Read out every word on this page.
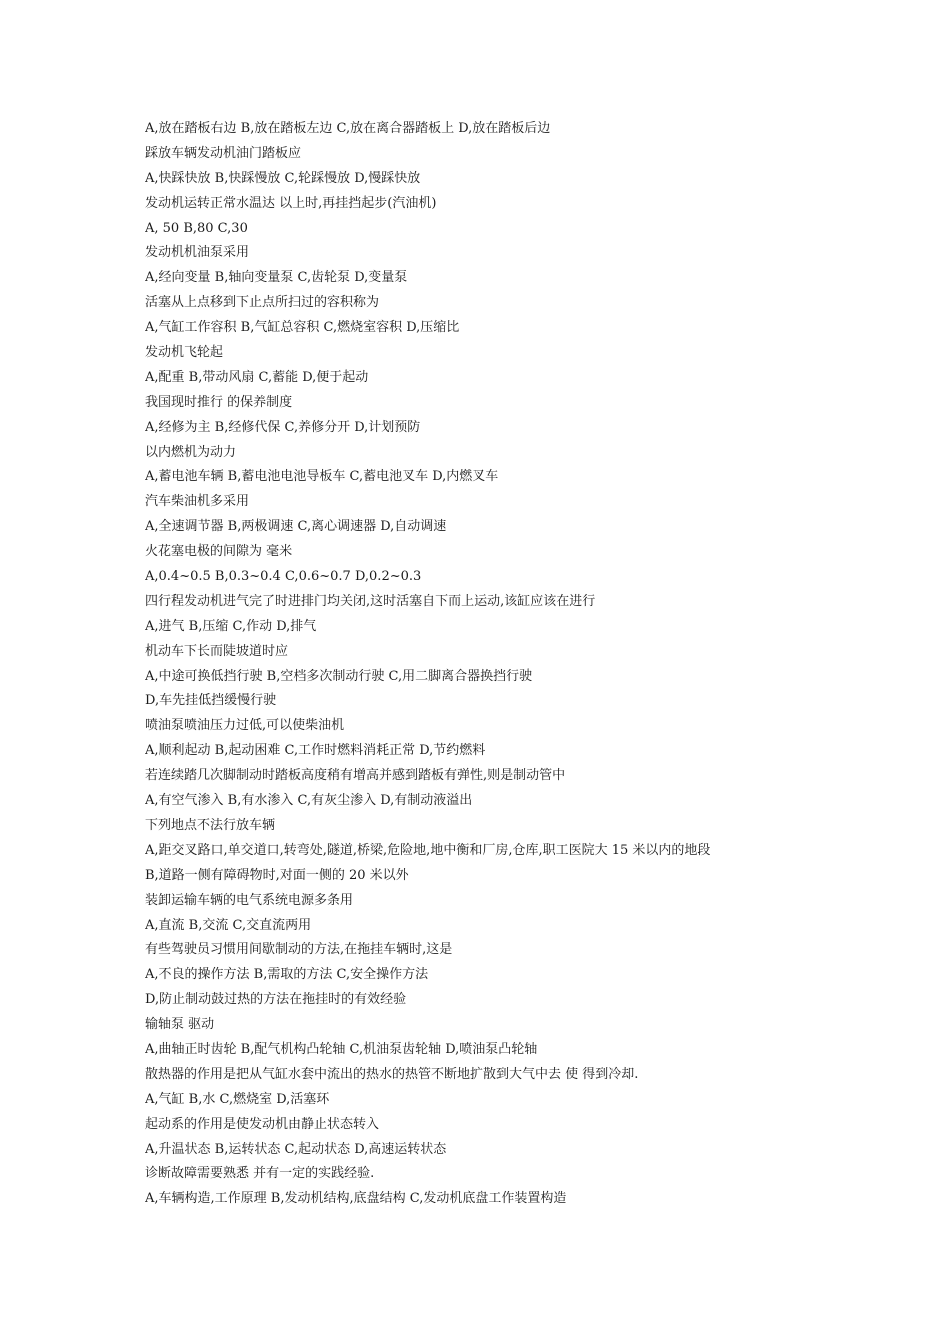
A,放在踏板右边 B,放在踏板左边 C,放在离合器踏板上 D,放在踏板后边
踩放车辆发动机油门踏板应
A,快踩快放 B,快踩慢放 C,轮踩慢放 D,慢踩快放
发动机运转正常水温达 以上时,再挂挡起步(汽油机)
A, 50 B,80 C,30
发动机机油泵采用
A,经向变量 B,轴向变量泵 C,齿轮泵 D,变量泵
活塞从上点移到下止点所扫过的容积称为
A,气缸工作容积 B,气缸总容积 C,燃烧室容积 D,压缩比
发动机飞轮起
A,配重 B,带动风扇 C,蓄能 D,便于起动
我国现时推行 的保养制度
A,经修为主 B,经修代保 C,养修分开 D,计划预防
以内燃机为动力
A,蓄电池车辆 B,蓄电池电池导板车 C,蓄电池叉车 D,内燃叉车
汽车柴油机多采用
A,全速调节器 B,两极调速 C,离心调速器 D,自动调速
火花塞电极的间隙为 毫米
A,0.4~0.5 B,0.3~0.4 C,0.6~0.7 D,0.2~0.3
四行程发动机进气完了时进排门均关闭,这时活塞自下而上运动,该缸应该在进行
A,进气 B,压缩 C,作动 D,排气
机动车下长而陡坡道时应
A,中途可换低挡行驶 B,空档多次制动行驶 C,用二脚离合器换挡行驶
D,车先挂低挡缓慢行驶
喷油泵喷油压力过低,可以使柴油机
A,顺利起动 B,起动困难 C,工作时燃料消耗正常 D,节约燃料
若连续踏几次脚制动时踏板高度稍有增高并感到踏板有弹性,则是制动管中
A,有空气渗入 B,有水渗入 C,有灰尘渗入 D,有制动液溢出
下列地点不法行放车辆
A,距交叉路口,单交道口,转弯处,隧道,桥梁,危险地,地中衡和厂房,仓库,职工医院大 15 米以内的地段
B,道路一侧有障碍物时,对面一侧的 20 米以外
装卸运输车辆的电气系统电源多条用
A,直流 B,交流 C,交直流两用
有些驾驶员习惯用间歇制动的方法,在拖挂车辆时,这是
A,不良的操作方法 B,需取的方法 C,安全操作方法
D,防止制动鼓过热的方法在拖挂时的有效经验
输轴泵 驱动
A,曲轴正时齿轮 B,配气机构凸轮轴 C,机油泵齿轮轴 D,喷油泵凸轮轴
散热器的作用是把从气缸水套中流出的热水的热管不断地扩散到大气中去 使 得到冷却.
A,气缸 B,水 C,燃烧室 D,活塞环
起动系的作用是使发动机由静止状态转入
A,升温状态 B,运转状态 C,起动状态 D,高速运转状态
诊断故障需要熟悉 并有一定的实践经验.
A,车辆构造,工作原理 B,发动机结构,底盘结构 C,发动机底盘工作装置构造
